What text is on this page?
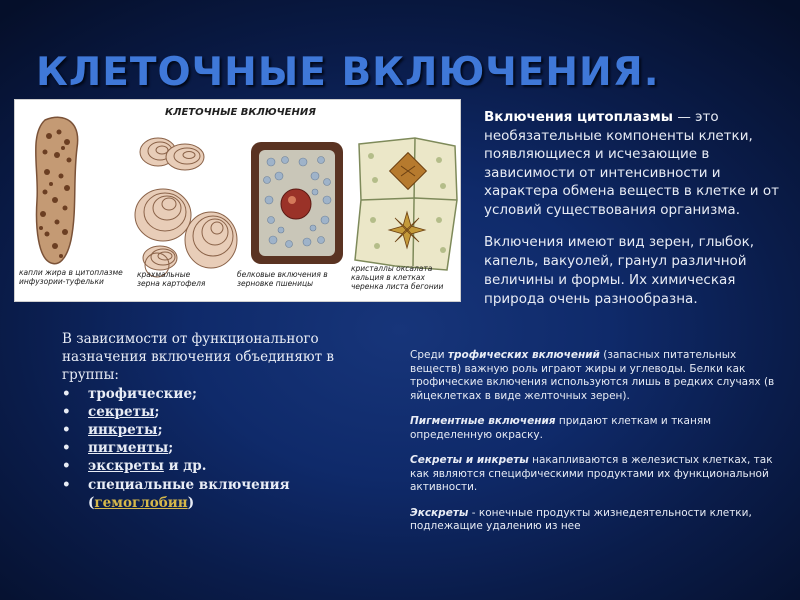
КЛЕТОЧНЫЕ ВКЛЮЧЕНИЯ.
КЛЕТОЧНЫЕ ВКЛЮЧЕНИЯ
капли жира в цитоплазме инфузории-туфельки
крахмальные зерна картофеля
белковые включения в зерновке пшеницы
кристаллы оксалата кальция в клетках черенка листа бегонии
Включения цитоплазмы — это необязательные компоненты клетки, появляющиеся и исчезающие в зависимости от интенсивности и характера обмена веществ в клетке и от условий существования организма.
Включения имеют вид зерен, глыбок, капель, вакуолей, гранул различной величины и формы. Их химическая природа очень разнообразна.
В зависимости от функционального назначения включения объединяют в группы:
• трофические;
• секреты;
• инкреты;
• пигменты;
• экскреты и др.
• специальные включения (гемоглобин)

Среди трофических включений (запасных питательных веществ) важную роль играют жиры и углеводы. Белки как трофические включения используются лишь в редких случаях (в яйцеклетках в виде желточных зерен).

Пигментные включения придают клеткам и тканям определенную окраску.

Секреты и инкреты накапливаются в железистых клетках, так как являются специфическими продуктами их функциональной активности.

Экскреты - конечные продукты жизнедеятельности клетки, подлежащие удалению из нее
